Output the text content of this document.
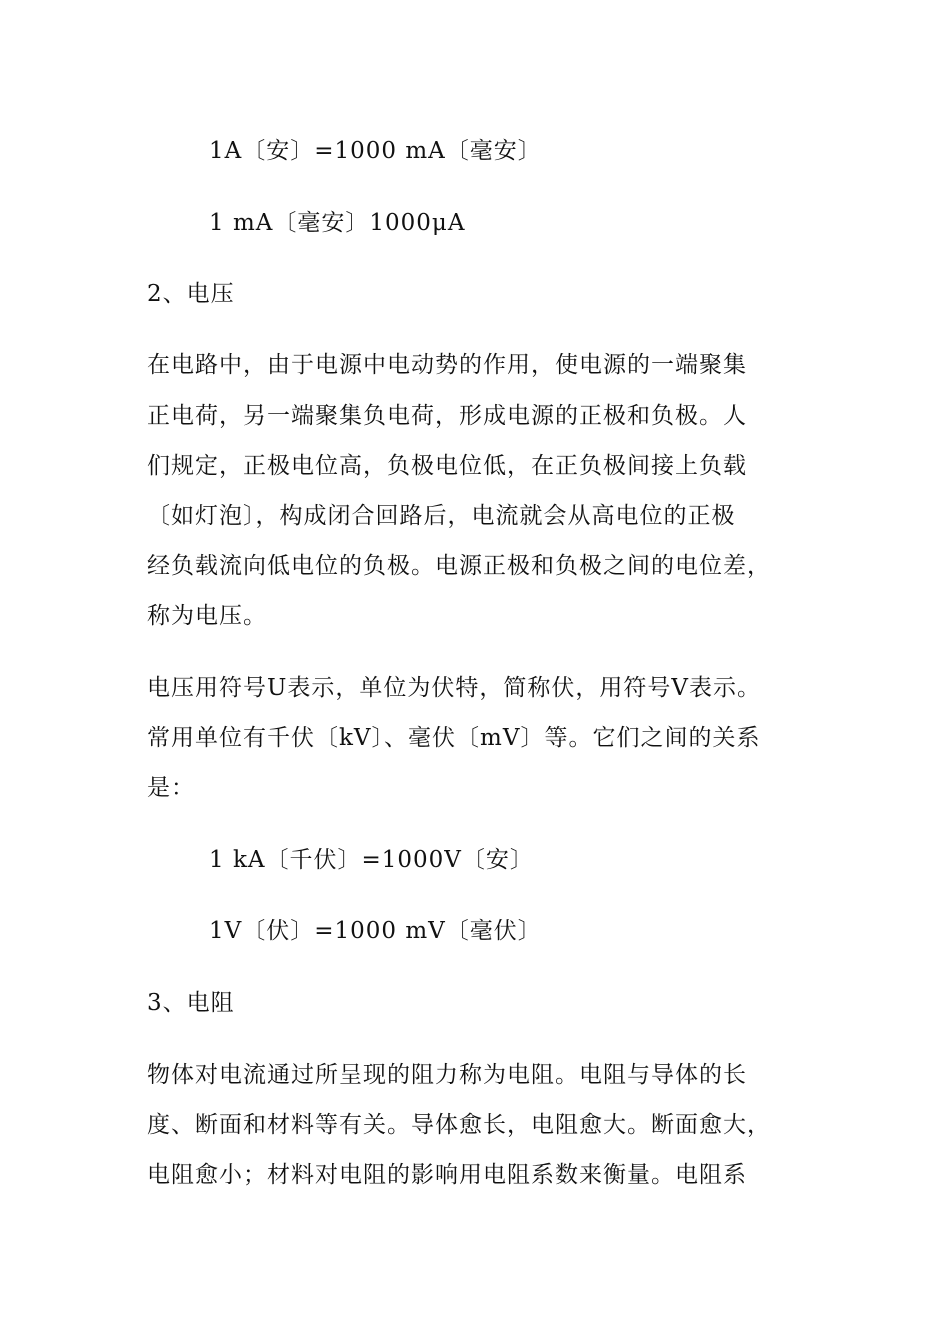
1A〔安〕=1000 mA〔毫安〕
1 mA〔毫安〕1000μA
2、电压
在电路中，由于电源中电动势的作用，使电源的一端聚集
正电荷，另一端聚集负电荷，形成电源的正极和负极。人
们规定，正极电位高，负极电位低，在正负极间接上负载
〔如灯泡〕，构成闭合回路后，电流就会从高电位的正极
经负载流向低电位的负极。电源正极和负极之间的电位差，
称为电压。
电压用符号U表示，单位为伏特，简称伏，用符号V表示。
常用单位有千伏〔kV〕、毫伏〔mV〕等。它们之间的关系
是：
1 kA〔千伏〕=1000V〔安〕
1V〔伏〕=1000 mV〔毫伏〕
3、电阻
物体对电流通过所呈现的阻力称为电阻。电阻与导体的长
度、断面和材料等有关。导体愈长，电阻愈大。断面愈大，
电阻愈小；材料对电阻的影响用电阻系数来衡量。电阻系
